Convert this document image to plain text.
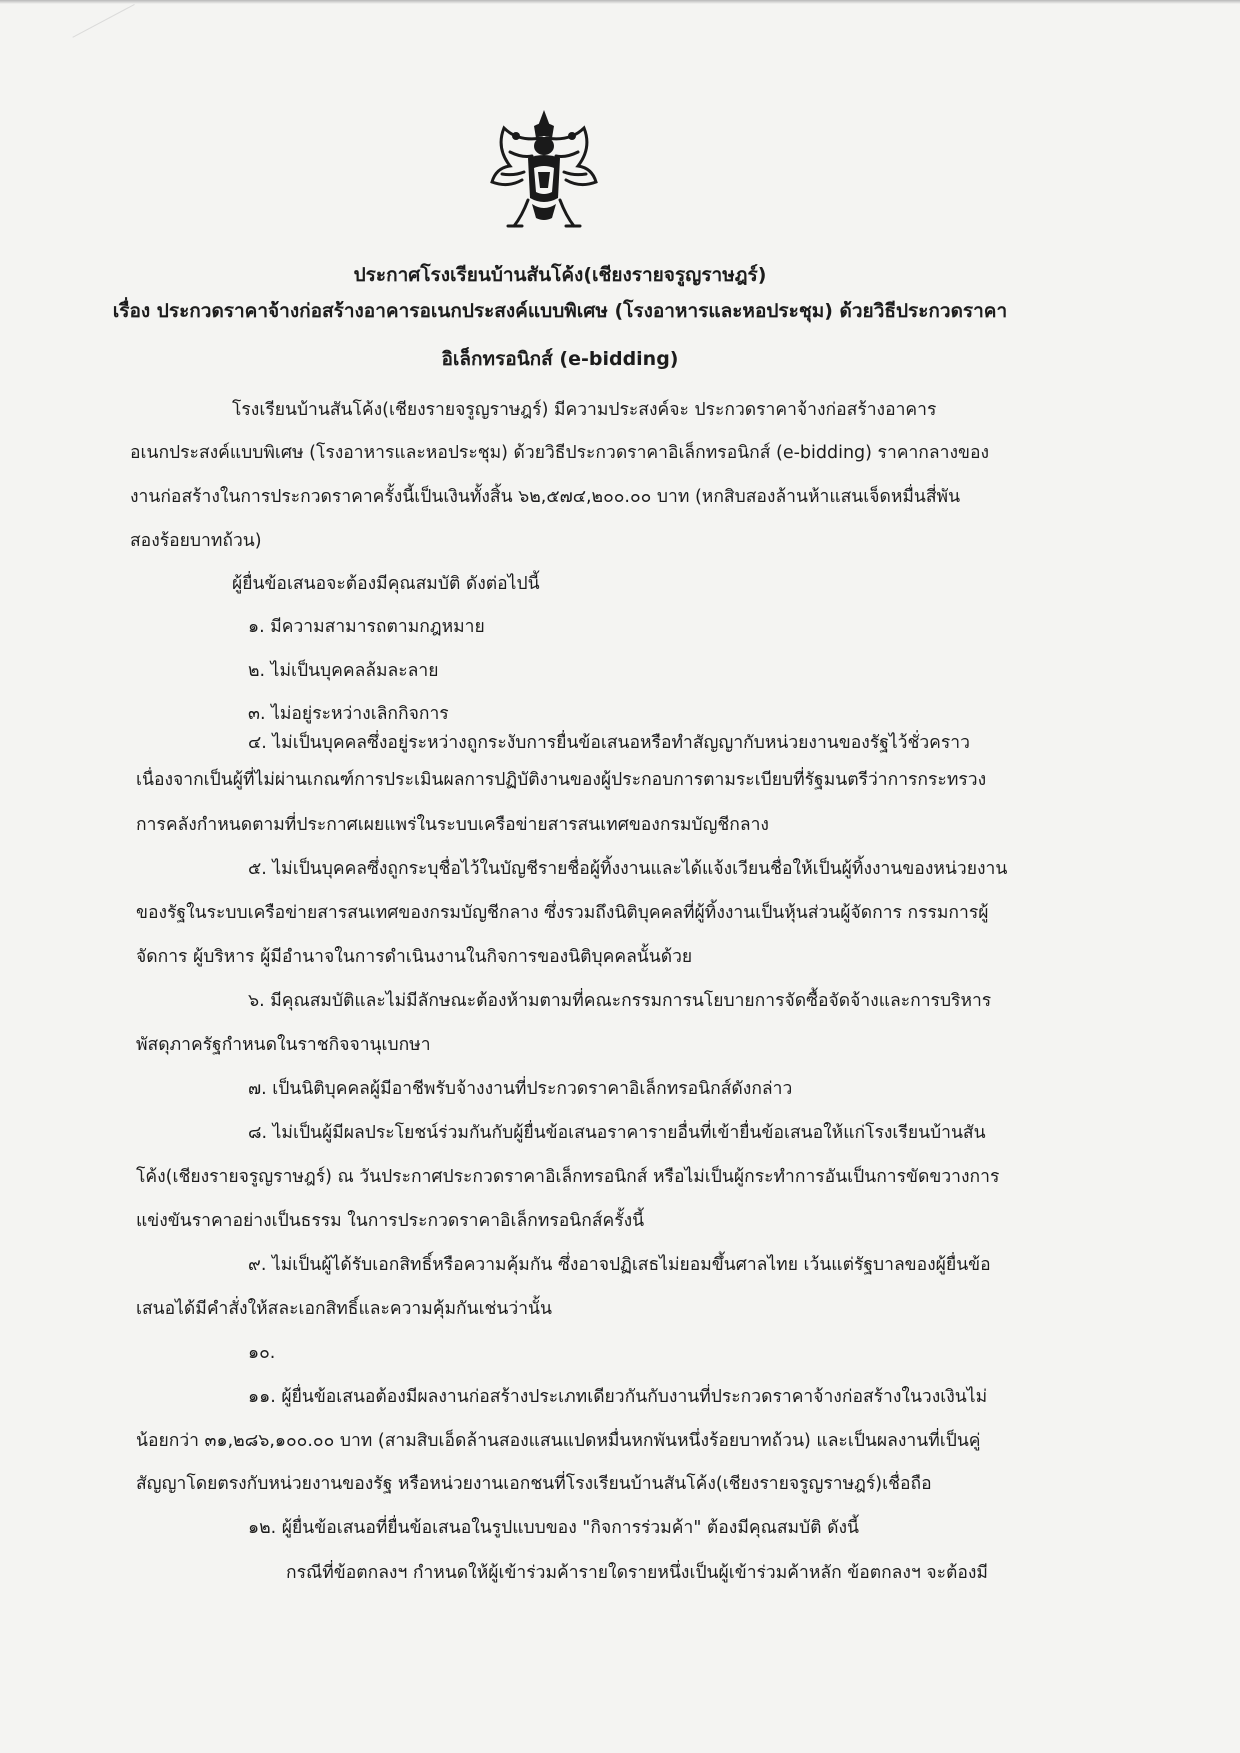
ประกาศโรงเรียนบ้านสันโค้ง(เชียงรายจรูญราษฎร์)
เรื่อง ประกวดราคาจ้างก่อสร้างอาคารอเนกประสงค์แบบพิเศษ (โรงอาหารและหอประชุม) ด้วยวิธีประกวดราคา
อิเล็กทรอนิกส์ (e-bidding)
โรงเรียนบ้านสันโค้ง(เชียงรายจรูญราษฎร์) มีความประสงค์จะ ประกวดราคาจ้างก่อสร้างอาคาร
อเนกประสงค์แบบพิเศษ (โรงอาหารและหอประชุม) ด้วยวิธีประกวดราคาอิเล็กทรอนิกส์ (e-bidding) ราคากลางของ
งานก่อสร้างในการประกวดราคาครั้งนี้เป็นเงินทั้งสิ้น ๖๒,๕๗๔,๒๐๐.๐๐ บาท (หกสิบสองล้านห้าแสนเจ็ดหมื่นสี่พัน
สองร้อยบาทถ้วน)
ผู้ยื่นข้อเสนอจะต้องมีคุณสมบัติ ดังต่อไปนี้
๑. มีความสามารถตามกฎหมาย
๒. ไม่เป็นบุคคลล้มละลาย
๓. ไม่อยู่ระหว่างเลิกกิจการ
๔. ไม่เป็นบุคคลซึ่งอยู่ระหว่างถูกระงับการยื่นข้อเสนอหรือทำสัญญากับหน่วยงานของรัฐไว้ชั่วคราว
เนื่องจากเป็นผู้ที่ไม่ผ่านเกณฑ์การประเมินผลการปฏิบัติงานของผู้ประกอบการตามระเบียบที่รัฐมนตรีว่าการกระทรวง
การคลังกำหนดตามที่ประกาศเผยแพร่ในระบบเครือข่ายสารสนเทศของกรมบัญชีกลาง
๕. ไม่เป็นบุคคลซึ่งถูกระบุชื่อไว้ในบัญชีรายชื่อผู้ทิ้งงานและได้แจ้งเวียนชื่อให้เป็นผู้ทิ้งงานของหน่วยงาน
ของรัฐในระบบเครือข่ายสารสนเทศของกรมบัญชีกลาง ซึ่งรวมถึงนิติบุคคลที่ผู้ทิ้งงานเป็นหุ้นส่วนผู้จัดการ กรรมการผู้
จัดการ ผู้บริหาร ผู้มีอำนาจในการดำเนินงานในกิจการของนิติบุคคลนั้นด้วย
๖. มีคุณสมบัติและไม่มีลักษณะต้องห้ามตามที่คณะกรรมการนโยบายการจัดซื้อจัดจ้างและการบริหาร
พัสดุภาครัฐกำหนดในราชกิจจานุเบกษา
๗. เป็นนิติบุคคลผู้มีอาชีพรับจ้างงานที่ประกวดราคาอิเล็กทรอนิกส์ดังกล่าว
๘. ไม่เป็นผู้มีผลประโยชน์ร่วมกันกับผู้ยื่นข้อเสนอราคารายอื่นที่เข้ายื่นข้อเสนอให้แก่โรงเรียนบ้านสัน
โค้ง(เชียงรายจรูญราษฎร์) ณ วันประกาศประกวดราคาอิเล็กทรอนิกส์ หรือไม่เป็นผู้กระทำการอันเป็นการขัดขวางการ
แข่งขันราคาอย่างเป็นธรรม ในการประกวดราคาอิเล็กทรอนิกส์ครั้งนี้
๙. ไม่เป็นผู้ได้รับเอกสิทธิ์หรือความคุ้มกัน ซึ่งอาจปฏิเสธไม่ยอมขึ้นศาลไทย เว้นแต่รัฐบาลของผู้ยื่นข้อ
เสนอได้มีคำสั่งให้สละเอกสิทธิ์และความคุ้มกันเช่นว่านั้น
๑๐.
๑๑. ผู้ยื่นข้อเสนอต้องมีผลงานก่อสร้างประเภทเดียวกันกับงานที่ประกวดราคาจ้างก่อสร้างในวงเงินไม่
น้อยกว่า ๓๑,๒๘๖,๑๐๐.๐๐ บาท (สามสิบเอ็ดล้านสองแสนแปดหมื่นหกพันหนึ่งร้อยบาทถ้วน) และเป็นผลงานที่เป็นคู่
สัญญาโดยตรงกับหน่วยงานของรัฐ หรือหน่วยงานเอกชนที่โรงเรียนบ้านสันโค้ง(เชียงรายจรูญราษฎร์)เชื่อถือ
๑๒. ผู้ยื่นข้อเสนอที่ยื่นข้อเสนอในรูปแบบของ "กิจการร่วมค้า" ต้องมีคุณสมบัติ ดังนี้
กรณีที่ข้อตกลงฯ กำหนดให้ผู้เข้าร่วมค้ารายใดรายหนึ่งเป็นผู้เข้าร่วมค้าหลัก ข้อตกลงฯ จะต้องมี
